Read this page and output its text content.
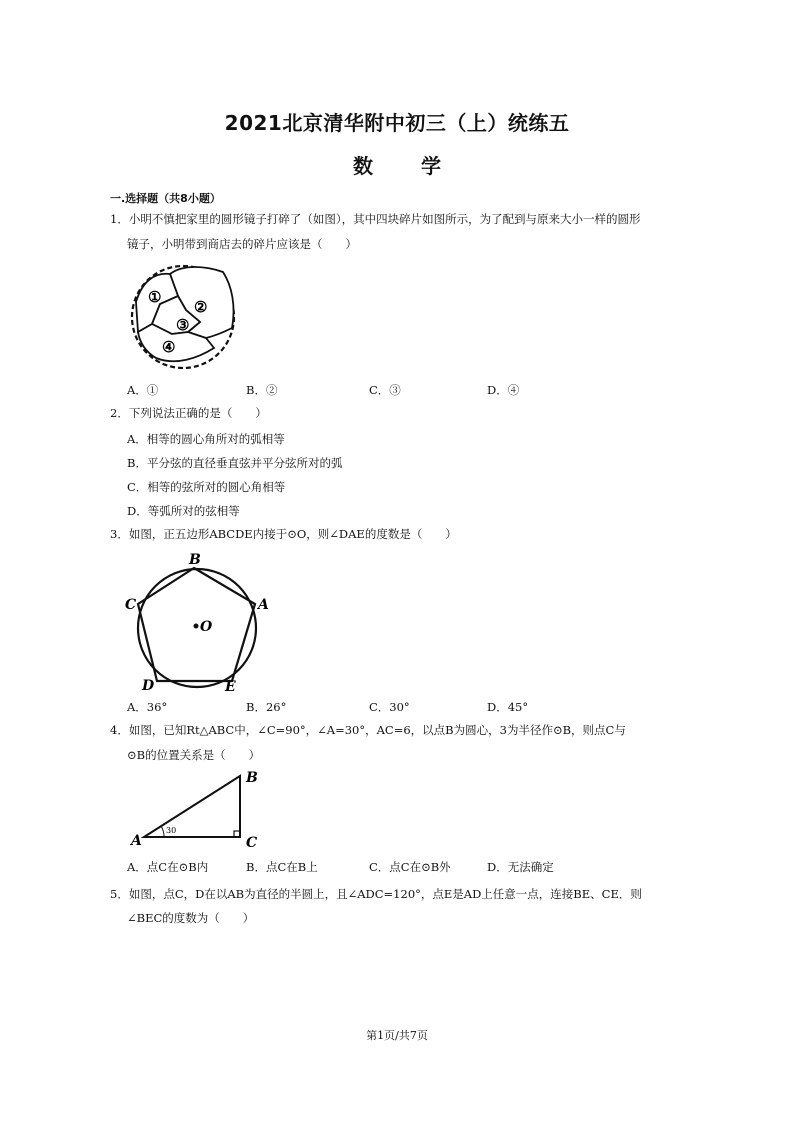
2021北京清华附中初三（上）统练五
数 学
一.选择题（共8小题）
1．小明不慎把家里的圆形镜子打碎了（如图），其中四块碎片如图所示，为了配到与原来大小一样的圆形
镜子，小明带到商店去的碎片应该是（　　）
①
②
③
④
A．①	B．②	C．③	D．④
2．下列说法正确的是（　　）
A．相等的圆心角所对的弧相等
B．平分弦的直径垂直弦并平分弦所对的弧
C．相等的弦所对的圆心角相等
D．等弧所对的弦相等
3．如图，正五边形ABCDE内接于⊙O，则∠DAE的度数是（　　）
B
A
C
D	E
O
A．36°	B．26°	C．30°	D．45°
4．如图，已知Rt△ABC中，∠C=90°，∠A=30°，AC=6，以点B为圆心，3为半径作⊙B，则点C与
⊙B的位置关系是（　　）
30
A
B
C
A．点C在⊙B内	B．点C在B上	C．点C在⊙B外	D．无法确定
5．如图，点C，D在以AB为直径的半圆上，且∠ADC=120°，点E是AD上任意一点，连接BE、CE．则
∠BEC的度数为（　　）
第1页/共7页
